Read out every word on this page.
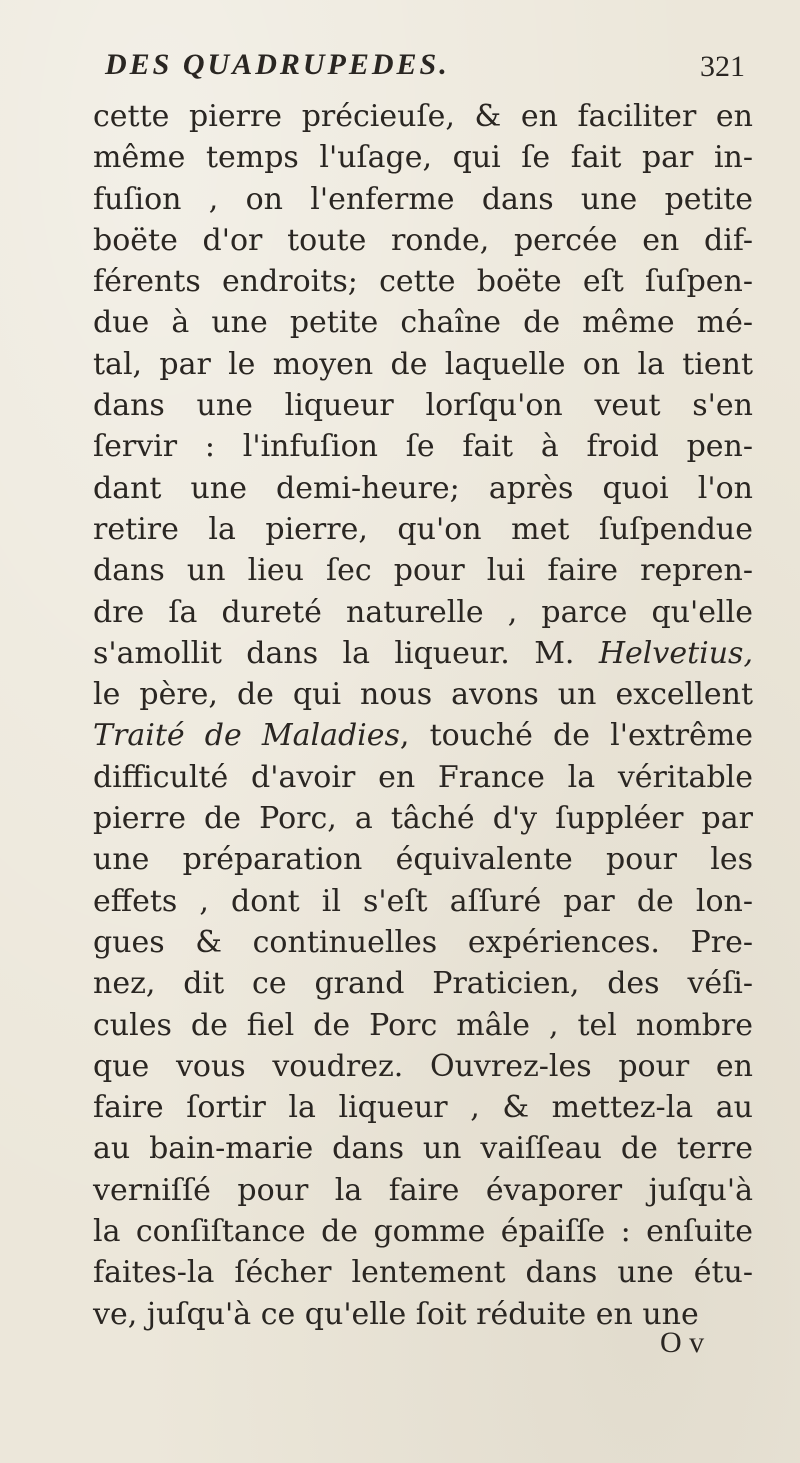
DES QUADRUPEDES.	321
cette pierre précieuſe, & en faciliter en
même temps l'uſage, qui ſe fait par in-
fuſion , on l'enferme dans une petite
boëte d'or toute ronde, percée en dif-
férents endroits; cette boëte eſt ſuſpen-
due à une petite chaîne de même mé-
tal, par le moyen de laquelle on la tient
dans une liqueur lorſqu'on veut s'en
ſervir : l'infuſion ſe fait à froid pen-
dant une demi-heure; après quoi l'on
retire la pierre, qu'on met ſuſpendue
dans un lieu ſec pour lui faire repren-
dre ſa dureté naturelle , parce qu'elle
s'amollit dans la liqueur. M. Helvetius,
le père, de qui nous avons un excellent
Traité de Maladies, touché de l'extrême
difficulté d'avoir en France la véritable
pierre de Porc, a tâché d'y ſuppléer par
une préparation équivalente pour les
effets , dont il s'eſt aſſuré par de lon-
gues & continuelles expériences. Pre-
nez, dit ce grand Praticien, des véſi-
cules de fiel de Porc mâle , tel nombre
que vous voudrez. Ouvrez-les pour en
faire ſortir la liqueur , & mettez-la au
au bain-marie dans un vaiſſeau de terre
verniſſé pour la faire évaporer juſqu'à
la conſiſtance de gomme épaiſſe : enſuite
faites-la ſécher lentement dans une étu-
ve, juſqu'à ce qu'elle ſoit réduite en une
O v
